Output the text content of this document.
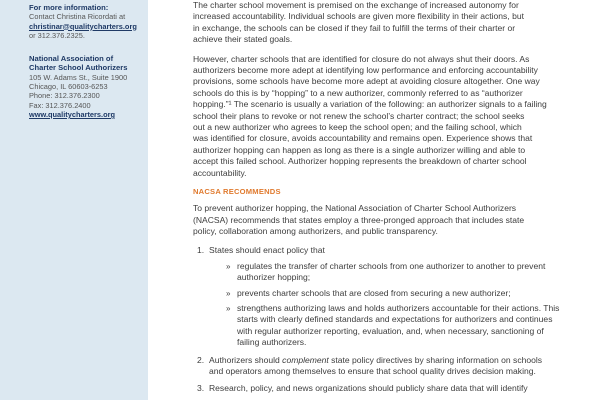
For more information:
Contact Christina Ricordati at
christinar@qualitycharters.org
or 312.376.2325.
National Association of
Charter School Authorizers
105 W. Adams St., Suite 1900
Chicago, IL 60603-6253
Phone: 312.376.2300
Fax: 312.376.2400
www.qualitycharters.org
The charter school movement is premised on the exchange of increased autonomy for
increased accountability. Individual schools are given more flexibility in their actions, but
in exchange, the schools can be closed if they fail to fulfill the terms of their charter or
achieve their stated goals.
However, charter schools that are identified for closure do not always shut their doors. As
authorizers become more adept at identifying low performance and enforcing accountability
provisions, some schools have become more adept at avoiding closure altogether. One way
schools do this is by “hopping” to a new authorizer, commonly referred to as “authorizer
hopping.”¹ The scenario is usually a variation of the following: an authorizer signals to a failing
school their plans to revoke or not renew the school’s charter contract; the school seeks
out a new authorizer who agrees to keep the school open; and the failing school, which
was identified for closure, avoids accountability and remains open. Experience shows that
authorizer hopping can happen as long as there is a single authorizer willing and able to
accept this failed school. Authorizer hopping represents the breakdown of charter school
accountability.
NACSA RECOMMENDS
To prevent authorizer hopping, the National Association of Charter School Authorizers
(NACSA) recommends that states employ a three-pronged approach that includes state
policy, collaboration among authorizers, and public transparency.
1. States should enact policy that
» regulates the transfer of charter schools from one authorizer to another to prevent
authorizer hopping;
» prevents charter schools that are closed from securing a new authorizer;
» strengthens authorizing laws and holds authorizers accountable for their actions. This
starts with clearly defined standards and expectations for authorizers and continues
with regular authorizer reporting, evaluation, and, when necessary, sanctioning of
failing authorizers.
2. Authorizers should complement state policy directives by sharing information on schools
and operators among themselves to ensure that school quality drives decision making.
3. Research, policy, and news organizations should publicly share data that will identify
